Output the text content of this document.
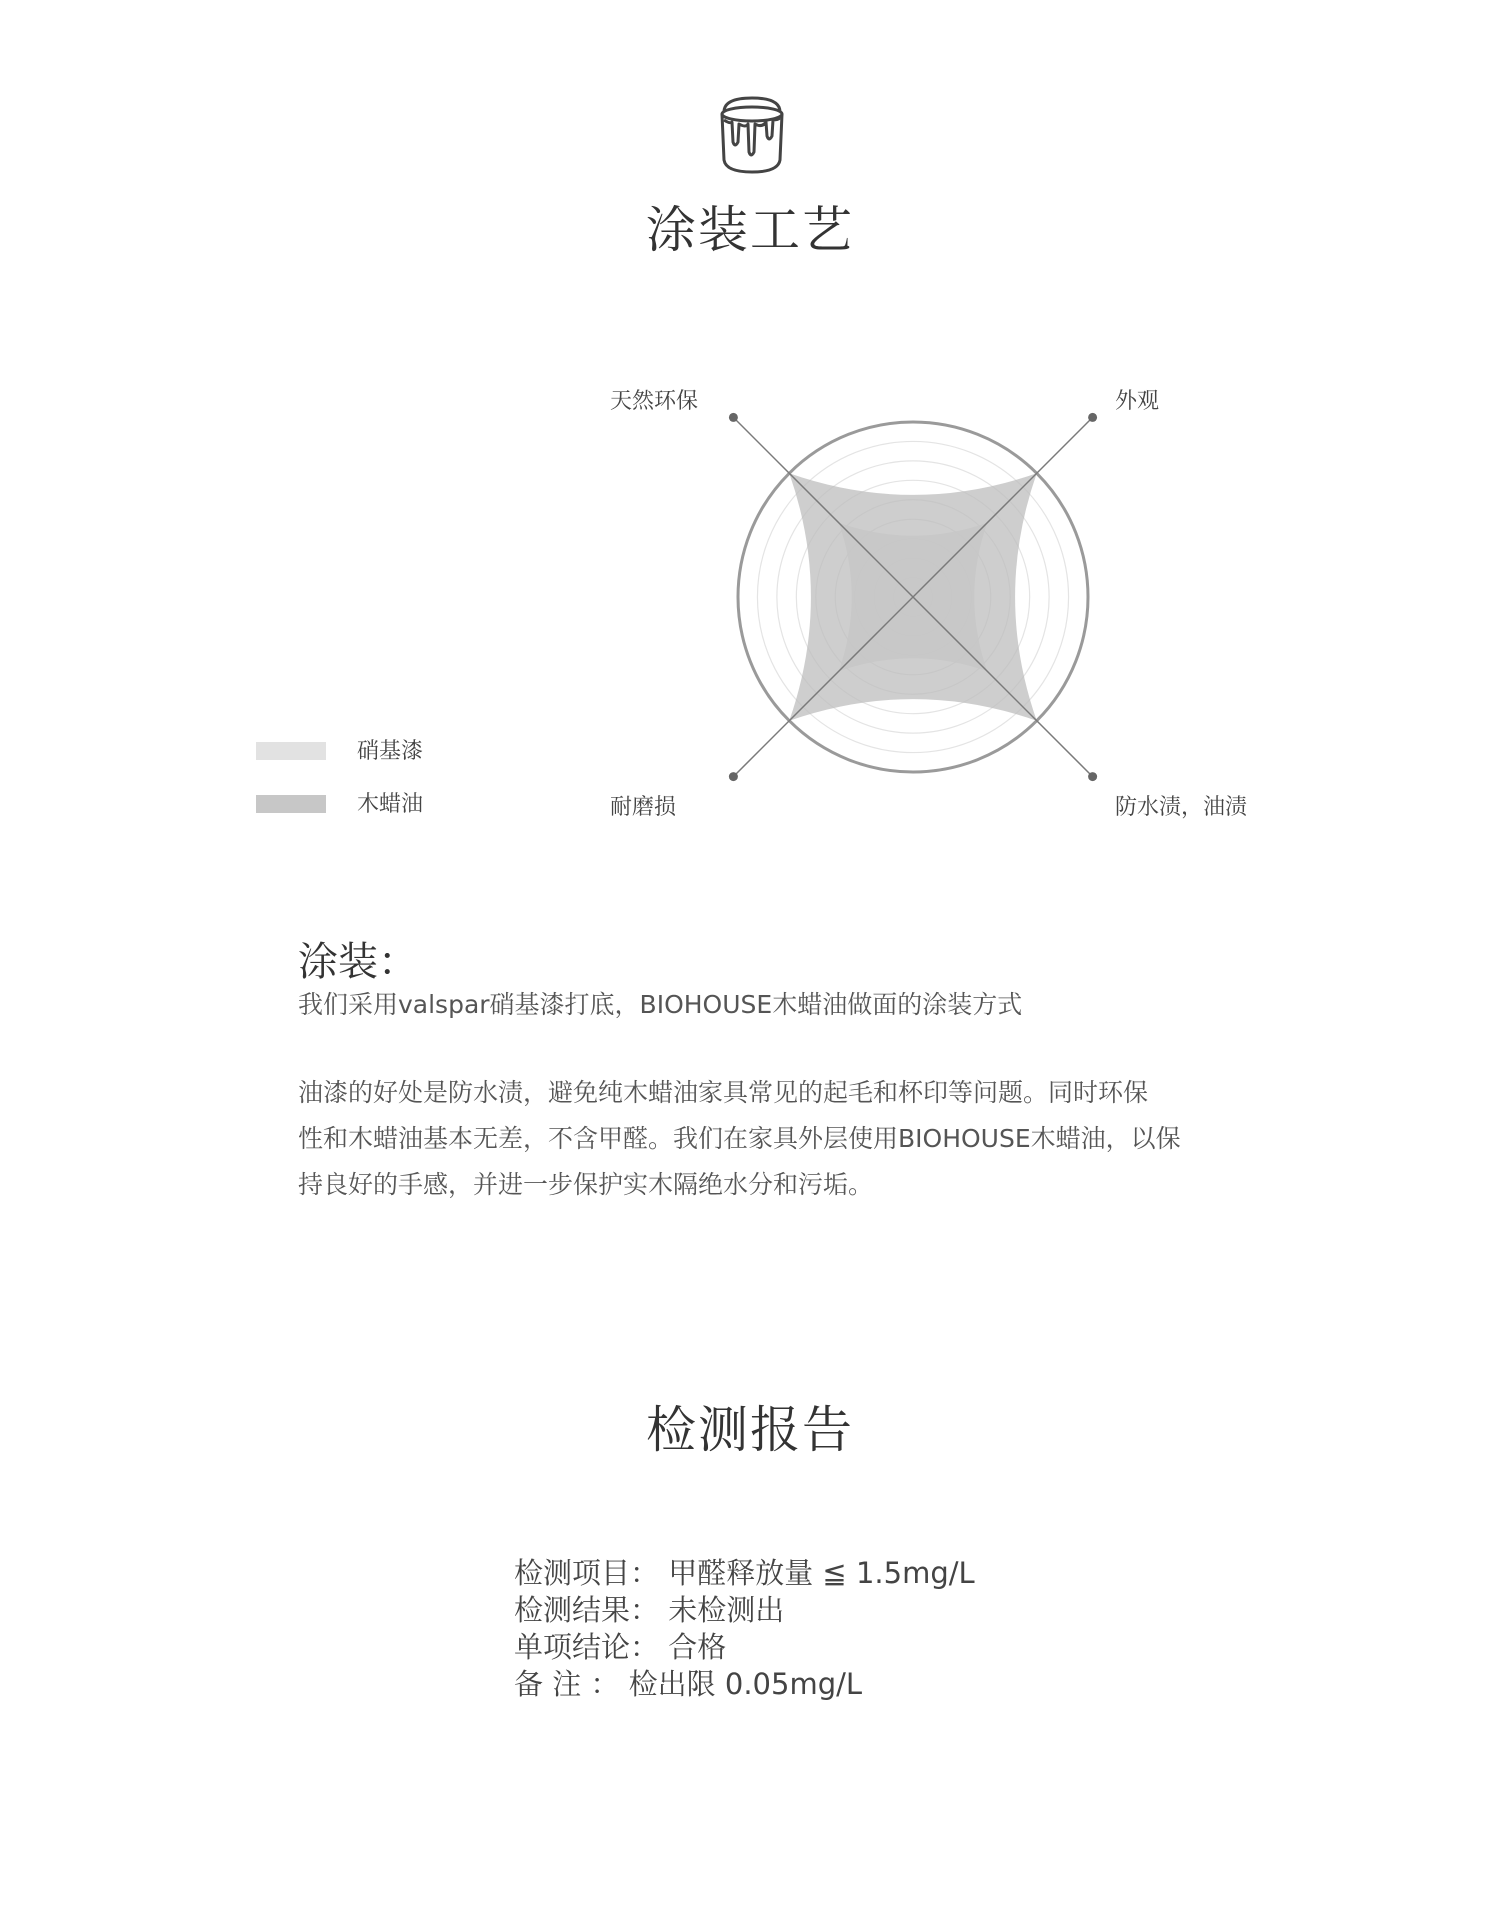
涂装工艺
天然环保	外观
防水渍，油渍
耐磨损
硝基漆
木蜡油
涂装：
我们采用valspar硝基漆打底，BIOHOUSE木蜡油做面的涂装方式
油漆的好处是防水渍，避免纯木蜡油家具常见的起毛和杯印等问题。同时环保
性和木蜡油基本无差，不含甲醛。我们在家具外层使用BIOHOUSE木蜡油，以保
持良好的手感，并进一步保护实木隔绝水分和污垢。
检测报告
检测项目： 甲醛释放量 ≦ 1.5mg/L
检测结果： 未检测出
单项结论： 合格
备 注 ： 检出限 0.05mg/L
